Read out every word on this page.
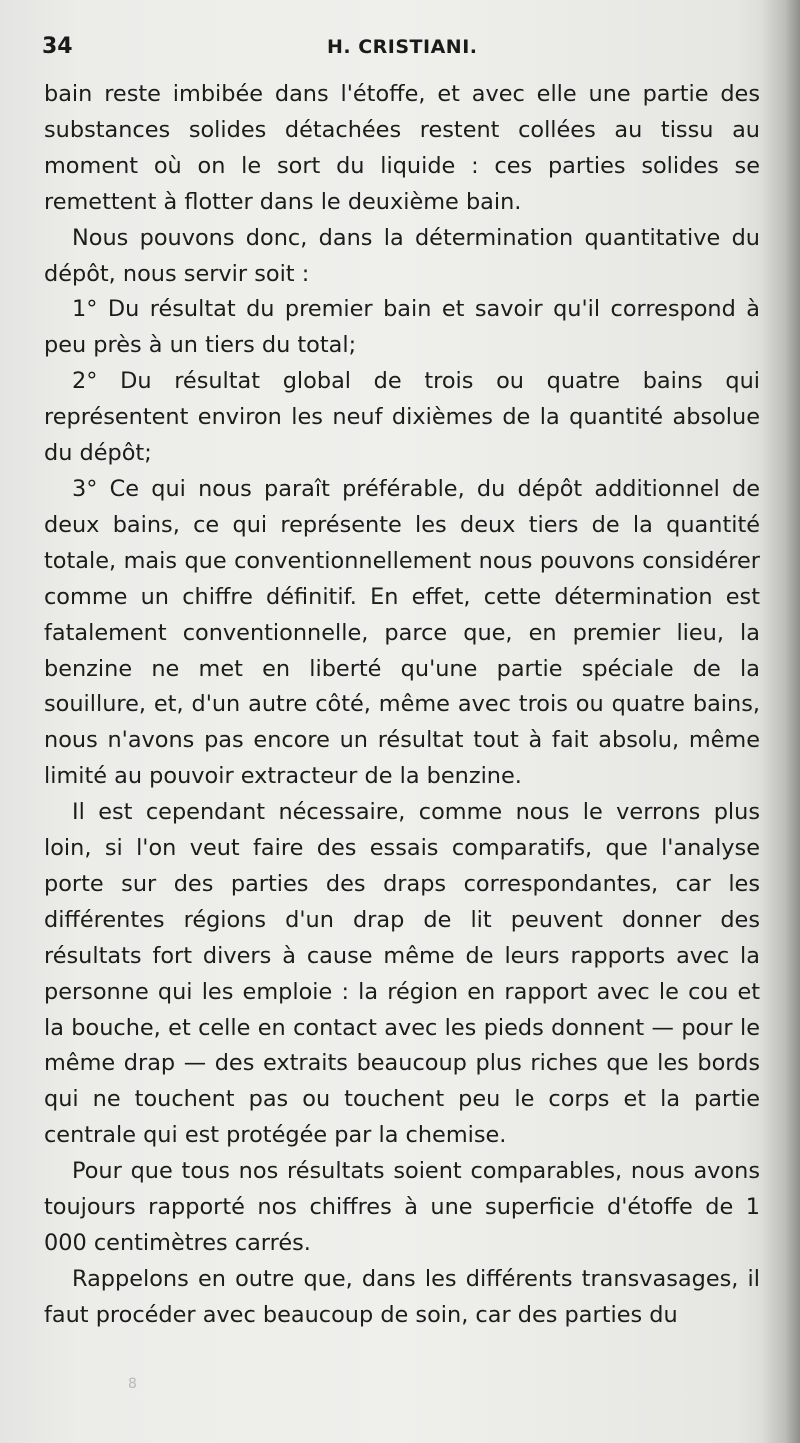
34	H. CRISTIANI.

bain reste imbibée dans l'étoffe, et avec elle une partie des substances solides détachées restent collées au tissu au moment où on le sort du liquide : ces parties solides se remettent à flotter dans le deuxième bain.

Nous pouvons donc, dans la détermination quantitative du dépôt, nous servir soit :

1° Du résultat du premier bain et savoir qu'il correspond à peu près à un tiers du total;

2° Du résultat global de trois ou quatre bains qui représentent environ les neuf dixièmes de la quantité absolue du dépôt;

3° Ce qui nous paraît préférable, du dépôt additionnel de deux bains, ce qui représente les deux tiers de la quantité totale, mais que conventionnellement nous pouvons considérer comme un chiffre définitif. En effet, cette détermination est fatalement conventionnelle, parce que, en premier lieu, la benzine ne met en liberté qu'une partie spéciale de la souillure, et, d'un autre côté, même avec trois ou quatre bains, nous n'avons pas encore un résultat tout à fait absolu, même limité au pouvoir extracteur de la benzine.

Il est cependant nécessaire, comme nous le verrons plus loin, si l'on veut faire des essais comparatifs, que l'analyse porte sur des parties des draps correspondantes, car les différentes régions d'un drap de lit peuvent donner des résultats fort divers à cause même de leurs rapports avec la personne qui les emploie : la région en rapport avec le cou et la bouche, et celle en contact avec les pieds donnent — pour le même drap — des extraits beaucoup plus riches que les bords qui ne touchent pas ou touchent peu le corps et la partie centrale qui est protégée par la chemise.

Pour que tous nos résultats soient comparables, nous avons toujours rapporté nos chiffres à une superficie d'étoffe de 1 000 centimètres carrés.

Rappelons en outre que, dans les différents transvasages, il faut procéder avec beaucoup de soin, car des parties du

8
